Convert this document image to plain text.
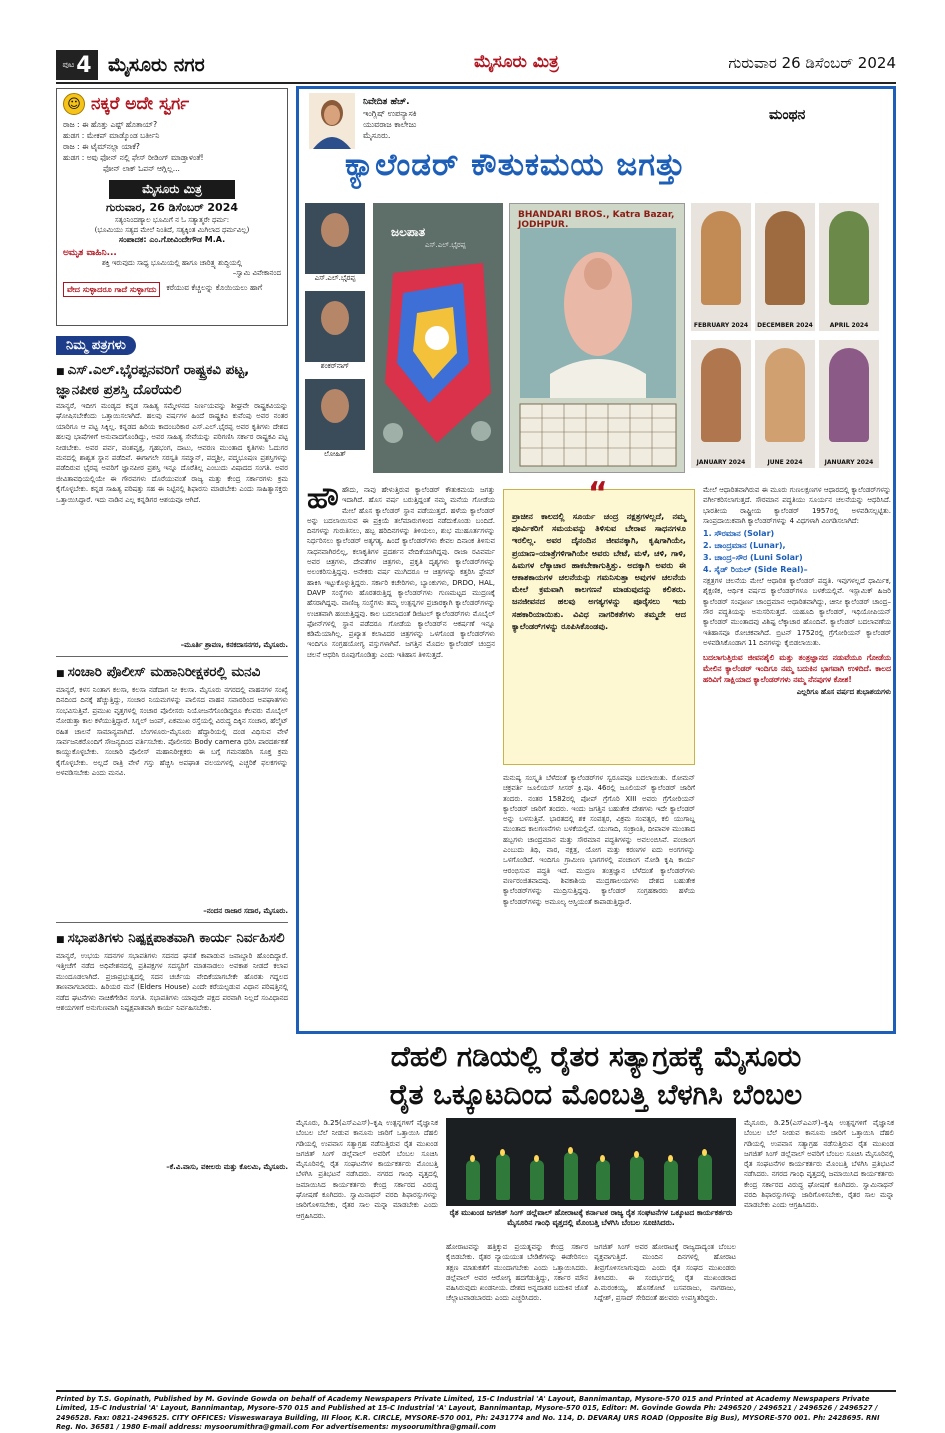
ಪುಟ 4 ಮೈಸೂರು ನಗರ	ಮೈಸೂರು ಮಿತ್ರ	ಗುರುವಾರ 26 ಡಿಸೆಂಬರ್ 2024
☺ ನಕ್ಕರೆ ಅದೇ ಸ್ವರ್ಗ
ರಾಜ : ಈ ಹೊತ್ತು ಎಷ್ಟ್ ಹೊತಾಯ್?
ಹುಡಗ : ಮೇಕಪ್ ಮಾಡ್ಕೊಂಡ ಬರ್ತೀನಿ
ರಾಜ : ಈ ಟೈಮ್‍ನಲ್ಲಾ ಯಾಕೆ?
ಹುಡಗ : ಅವು ಫೋನ್ ನಲ್ಲಿ ಫೇಸ್ ರೀಡಿಂಗ್ ಮಾಡ್ತಾಳಂತೆ!
ಫೋನ್ ಲಾಕ್ ಓಪನ್ ಆಗ್ಲಿಲ್ಲ...
ಮೈಸೂರು ಮಿತ್ರ
ಗುರುವಾರ, 26 ಡಿಸೆಂಬರ್ 2024
ಸತ್ಯಂನಿಂದಣ್ಯಾಲ ಭೂಮಿಗೆ ನ ಓ ಸತ್ಯಾತ್ಮರೇ ಧರ್ಮ:
(ಭೂಮಿಯು ಸತ್ಯದ ಮೇಲೆ ನಿಂತಿದೆ, ಸತ್ಯಕ್ಕಿಂತ ಮಿಗಿಲಾದ ಧರ್ಮವಿಲ್ಲ)
ಸಂಪಾದಕ: ಎಂ.ಗೋವಿಂದೇಗೌಡ M.A.
ಅಮೃತ ವಾಹಿನಿ...
ಶಕ್ತಿ ಇರುವುದು ಸಾಧ್ಯ ಭೂಮಿಯಲ್ಲಿ ಹಾಗೂ ಚಾರಿತ್ರ್ಯ ಶುದ್ಧಿಯಲ್ಲಿ
–ಸ್ವಾಮಿ ವಿವೇಕಾನಂದ
ವೇದ ಸುಳ್ಳಾದರೂ ಗಾದೆ ಸುಳ್ಳಾಗದು	ಕರೆಯುವ ಕೆಚ್ಚಲನ್ನು ಕೊಯಿಯಲು ಹಾಗೆ
ನಿಮ್ಮ ಪತ್ರಗಳು
■ ಎಸ್.ಎಲ್.ಭೈರಪ್ಪನವರಿಗೆ ರಾಷ್ಟ್ರಕವಿ ಪಟ್ಟ, ಜ್ಞಾನಪೀಠ ಪ್ರಶಸ್ತಿ ದೊರೆಯಲಿ

ಮಾನ್ಯರೆ, ಇದೀಗ ಮಂಡ್ಯದ ಕನ್ನಡ ಸಾಹಿತ್ಯ ಸಮ್ಮೇಳನದ ನಿರ್ಣಯವನ್ನು ಶೀಘ್ರವೇ ರಾಷ್ಟ್ರಕವಿಯನ್ನು ಘೋಷಿಸಬೇಕೆಂದು ಒತ್ತಾಯಿಸಲಾಗಿದೆ. ಹಲವು ವರ್ಷಗಳ ಹಿಂದೆ ರಾಷ್ಟ್ರಕವಿ ಕುವೆಂಪು ಅವರ ನಂತರ ಯಾರಿಗೂ ಆ ಪಟ್ಟ ಸಿಕ್ಕಿಲ್ಲ. ಕನ್ನಡದ ಹಿರಿಯ ಕಾದಂಬರಿಕಾರ ಎಸ್.ಎಲ್.ಭೈರಪ್ಪ ಅವರ ಕೃತಿಗಳು ದೇಶದ ಹಲವು ಭಾಷೆಗಳಿಗೆ ಅನುವಾದಗೊಂಡಿದ್ದು, ಅವರ ಸಾಹಿತ್ಯ ಸೇವೆಯನ್ನು ಪರಿಗಣಿಸಿ ಸರ್ಕಾರ ರಾಷ್ಟ್ರಕವಿ ಪಟ್ಟ ನೀಡಬೇಕು. ಅವರ ಪರ್ವ, ವಂಶವೃಕ್ಷ, ಗೃಹಭಂಗ, ದಾಟು, ಆವರಣ ಮುಂತಾದ ಕೃತಿಗಳು ಓದುಗರ ಮನದಲ್ಲಿ ಶಾಶ್ವತ ಸ್ಥಾನ ಪಡೆದಿವೆ. ಈಗಾಗಲೇ ಸರಸ್ವತಿ ಸಮ್ಮಾನ್, ಪದ್ಮಶ್ರೀ, ಪದ್ಮಭೂಷಣ ಪ್ರಶಸ್ತಿಗಳನ್ನು ಪಡೆದಿರುವ ಭೈರಪ್ಪ ಅವರಿಗೆ ಜ್ಞಾನಪೀಠ ಪ್ರಶಸ್ತಿ ಇನ್ನೂ ದೊರೆತಿಲ್ಲ ಎಂಬುದು ವಿಷಾದದ ಸಂಗತಿ. ಅವರ ಜೀವಿತಾವಧಿಯಲ್ಲಿಯೇ ಈ ಗೌರವಗಳು ದೊರೆಯುವಂತೆ ರಾಜ್ಯ ಮತ್ತು ಕೇಂದ್ರ ಸರ್ಕಾರಗಳು ಕ್ರಮ ಕೈಗೊಳ್ಳಬೇಕು. ಕನ್ನಡ ಸಾಹಿತ್ಯ ಪರಿಷತ್ತು ಸಹ ಈ ನಿಟ್ಟಿನಲ್ಲಿ ಶಿಫಾರಸು ಮಾಡಬೇಕು ಎಂದು ಸಾಹಿತ್ಯಾಸಕ್ತರು ಒತ್ತಾಯಿಸಿದ್ದಾರೆ. ಇದು ನಾಡಿನ ಎಲ್ಲ ಕನ್ನಡಿಗರ ಆಶಯವೂ ಆಗಿದೆ.

–ಮೂರ್ತಿ ಶ್ರಾವಣ, ಕನಕದಾಸನಗರ, ಮೈಸೂರು.
■ ಸಂಚಾರಿ ಪೊಲೀಸ್ ಮಹಾನಿರೀಕ್ಷಕರಲ್ಲಿ ಮನವಿ

ಮಾನ್ಯರೆ, ಕಳಸ ನಿಂತಾಗ ಕಲಸಾ, ಕಲಸಾ ನಡೆದಾಗ ನೀ ಕಲಸಾ. ಮೈಸೂರು ನಗರದಲ್ಲಿ ವಾಹನಗಳ ಸಂಖ್ಯೆ ದಿನದಿಂದ ದಿನಕ್ಕೆ ಹೆಚ್ಚುತ್ತಿದ್ದು, ಸಂಚಾರ ನಿಯಮಗಳನ್ನು ಪಾಲಿಸದ ವಾಹನ ಸವಾರರಿಂದ ಅಪಘಾತಗಳು ಸಂಭವಿಸುತ್ತಿವೆ. ಪ್ರಮುಖ ವೃತ್ತಗಳಲ್ಲಿ ಸಂಚಾರ ಪೊಲೀಸರು ನಿಯೋಜನೆಗೊಂಡಿದ್ದರೂ ಕೆಲವರು ಮೊಬೈಲ್ ನೋಡುತ್ತಾ ಕಾಲ ಕಳೆಯುತ್ತಿದ್ದಾರೆ. ಸಿಗ್ನಲ್ ಜಂಪ್, ಏಕಮುಖ ರಸ್ತೆಯಲ್ಲಿ ವಿರುದ್ಧ ದಿಕ್ಕಿನ ಸಂಚಾರ, ಹೆಲ್ಮೆಟ್ ರಹಿತ ಚಾಲನೆ ಸಾಮಾನ್ಯವಾಗಿದೆ. ಬೆಂಗಳೂರು-ಮೈಸೂರು ಹೆದ್ದಾರಿಯಲ್ಲಿ ದಂಡ ವಿಧಿಸುವ ವೇಳೆ ಸಾರ್ವಜನಿಕರೊಂದಿಗೆ ಸೌಜನ್ಯದಿಂದ ವರ್ತಿಸಬೇಕು. ಪೊಲೀಸರು Body camera ಧರಿಸಿ ಪಾರದರ್ಶಕತೆ ಕಾಯ್ದುಕೊಳ್ಳಬೇಕು. ಸಂಚಾರಿ ಪೊಲೀಸ್ ಮಹಾನಿರೀಕ್ಷಕರು ಈ ಬಗ್ಗೆ ಗಮನಹರಿಸಿ ಸೂಕ್ತ ಕ್ರಮ ಕೈಗೊಳ್ಳಬೇಕು. ಅಲ್ಲದೆ ರಾತ್ರಿ ವೇಳೆ ಗಸ್ತು ಹೆಚ್ಚಿಸಿ ಅಪಘಾತ ವಲಯಗಳಲ್ಲಿ ಎಚ್ಚರಿಕೆ ಫಲಕಗಳನ್ನು ಅಳವಡಿಸಬೇಕು ಎಂದು ಮನವಿ.

–ನಂದನ ರಾಜಾರ ಸದಾರ, ಮೈಸೂರು.
■ ಸಭಾಪತಿಗಳು ನಿಷ್ಪಕ್ಷಪಾತವಾಗಿ ಕಾರ್ಯ ನಿರ್ವಹಿಸಲಿ

ಮಾನ್ಯರೆ, ಉಭಯ ಸದನಗಳ ಸಭಾಪತಿಗಳು ಸದನದ ಘನತೆ ಕಾಪಾಡುವ ಜವಾಬ್ದಾರಿ ಹೊಂದಿದ್ದಾರೆ. ಇತ್ತೀಚೆಗೆ ನಡೆದ ಅಧಿವೇಶನದಲ್ಲಿ ಪ್ರತಿಪಕ್ಷಗಳ ಸದಸ್ಯರಿಗೆ ಮಾತನಾಡಲು ಅವಕಾಶ ನೀಡದೆ ಕಲಾಪ ಮುಂದೂಡಲಾಗಿದೆ. ಪ್ರಜಾಪ್ರಭುತ್ವದಲ್ಲಿ ಸದನ ಚರ್ಚೆಯ ವೇದಿಕೆಯಾಗಬೇಕೇ ಹೊರತು ಗದ್ದಲದ ತಾಣವಾಗಬಾರದು. ಹಿರಿಯರ ಮನೆ (Elders House) ಎಂದೇ ಕರೆಯಲ್ಪಡುವ ವಿಧಾನ ಪರಿಷತ್ತಿನಲ್ಲಿ ನಡೆದ ಘಟನೆಗಳು ನಾಚಿಕೆಗೇಡಿನ ಸಂಗತಿ. ಸಭಾಪತಿಗಳು ಯಾವುದೇ ಪಕ್ಷದ ಪರವಾಗಿ ನಿಲ್ಲದೆ ಸಂವಿಧಾನದ ಆಶಯಗಳಿಗೆ ಅನುಗುಣವಾಗಿ ನಿಷ್ಪಕ್ಷಪಾತವಾಗಿ ಕಾರ್ಯ ನಿರ್ವಹಿಸಬೇಕು.

–ಕೆ.ವಿ.ವಾಸು, ವಕೀಲರು ಮತ್ತು ಕೊಲಮಿ, ಮೈಸೂರು.
ನಿವೇದಿತ ಹೆಚ್.
ಇಂಗ್ಲಿಷ್ ಉಪನ್ಯಾಸಕಿ
ಯುವರಾಜ ಕಾಲೇಜು
ಮೈಸೂರು.
ಮಂಥನ
ಕ್ಯಾಲೆಂಡರ್ ಕೌತುಕಮಯ ಜಗತ್ತು
ಎಸ್.ಎಲ್.ಭೈರಪ್ಪ
ಶಂಕರ್‌ನಾಗ್
ಲೋಹಿತ್
ಜಲಪಾತ
ಎಸ್.ಎಲ್.ಭೈರಪ್ಪ
BHANDARI BROS., Katra Bazar, JODHPUR.
FEBRUARY 2024	DECEMBER 2024	APRIL 2024
JANUARY 2024	JUNE 2024	JANUARY 2024
ಹೌ ಹೌದು, ನಾವು ಹೇಳುತ್ತಿರುವ ಕ್ಯಾಲೆಂಡರ್ ಕೌತುಕಮಯ ಜಗತ್ತು ಇದಾಗಿದೆ. ಹೊಸ ವರ್ಷ ಬರುತ್ತಿದ್ದಂತೆ ನಮ್ಮ ಮನೆಯ ಗೋಡೆಯ ಮೇಲೆ ಹೊಸ ಕ್ಯಾಲೆಂಡರ್ ಸ್ಥಾನ ಪಡೆಯುತ್ತದೆ. ಹಳೆಯ ಕ್ಯಾಲೆಂಡರ್ ಅನ್ನು ಬದಲಾಯಿಸುವ ಈ ಪ್ರಕ್ರಿಯೆ ತಲೆಮಾರುಗಳಿಂದ ನಡೆದುಕೊಂಡು ಬಂದಿದೆ. ದಿನಗಳನ್ನು ಗುರುತಿಸಲು, ಹಬ್ಬ ಹರಿದಿನಗಳನ್ನು ತಿಳಿಯಲು, ಶುಭ ಮುಹೂರ್ತಗಳನ್ನು ನಿರ್ಧರಿಸಲು ಕ್ಯಾಲೆಂಡರ್ ಅತ್ಯಗತ್ಯ. ಹಿಂದೆ ಕ್ಯಾಲೆಂಡರ್‌ಗಳು ಕೇವಲ ದಿನಾಂಕ ತಿಳಿಸುವ ಸಾಧನವಾಗಿರಲಿಲ್ಲ, ಕಲಾಕೃತಿಗಳ ಪ್ರದರ್ಶನ ವೇದಿಕೆಯಾಗಿದ್ದವು. ರಾಜಾ ರವಿವರ್ಮ ಅವರ ಚಿತ್ರಗಳು, ದೇವತೆಗಳ ಚಿತ್ರಗಳು, ಪ್ರಕೃತಿ ದೃಶ್ಯಗಳು ಕ್ಯಾಲೆಂಡರ್‌ಗಳನ್ನು ಅಲಂಕರಿಸುತ್ತಿದ್ದವು. ಅನೇಕರು ವರ್ಷ ಮುಗಿದರೂ ಆ ಚಿತ್ರಗಳನ್ನು ಕತ್ತರಿಸಿ ಫ್ರೇಮ್ ಹಾಕಿಸಿ ಇಟ್ಟುಕೊಳ್ಳುತ್ತಿದ್ದರು. ಸರ್ಕಾರಿ ಕಚೇರಿಗಳು, ಬ್ಯಾಂಕುಗಳು, DRDO, HAL, DAVP ಸಂಸ್ಥೆಗಳು ಹೊರತರುತ್ತಿದ್ದ ಕ್ಯಾಲೆಂಡರ್‌ಗಳು ಗುಣಮಟ್ಟದ ಮುದ್ರಣಕ್ಕೆ ಹೆಸರಾಗಿದ್ದವು. ವಾಣಿಜ್ಯ ಸಂಸ್ಥೆಗಳು ತಮ್ಮ ಉತ್ಪನ್ನಗಳ ಪ್ರಚಾರಕ್ಕಾಗಿ ಕ್ಯಾಲೆಂಡರ್‌ಗಳನ್ನು ಉಚಿತವಾಗಿ ಹಂಚುತ್ತಿದ್ದವು. ಕಾಲ ಬದಲಾದಂತೆ ಡಿಜಿಟಲ್ ಕ್ಯಾಲೆಂಡರ್‌ಗಳು ಮೊಬೈಲ್ ಫೋನ್‌ಗಳಲ್ಲಿ ಸ್ಥಾನ ಪಡೆದರೂ ಗೋಡೆಯ ಕ್ಯಾಲೆಂಡರ್‌ನ ಆಕರ್ಷಣೆ ಇನ್ನೂ ಕಡಿಮೆಯಾಗಿಲ್ಲ. ಪ್ರಖ್ಯಾತ ಕಲಾವಿದರ ಚಿತ್ರಗಳನ್ನು ಒಳಗೊಂಡ ಕ್ಯಾಲೆಂಡರ್‌ಗಳು ಇಂದಿಗೂ ಸಂಗ್ರಹಯೋಗ್ಯ ವಸ್ತುಗಳಾಗಿವೆ. ಜಗತ್ತಿನ ಮೊದಲ ಕ್ಯಾಲೆಂಡರ್ ಚಂದ್ರನ ಚಲನೆ ಆಧರಿಸಿ ರೂಪುಗೊಂಡಿತ್ತು ಎಂದು ಇತಿಹಾಸ ತಿಳಿಸುತ್ತದೆ.

“

ಪ್ರಾಚೀನ ಕಾಲದಲ್ಲಿ ಸೂರ್ಯ ಚಂದ್ರ ನಕ್ಷತ್ರಗಳಲ್ಲದೆ, ನಮ್ಮ ಪೂರ್ವಿಕರಿಗೆ ಸಮಯವನ್ನು ತಿಳಿಸುವ ಬೇರಾವ ಸಾಧನಗಳೂ ಇರಲಿಲ್ಲ. ಅವರ ದೈನಂದಿನ ಜೀವನಕ್ಕಾಗಿ, ಕೃಷಿಗಾಗಿಯೇ, ಪ್ರಯಾಣ–ಯಾತ್ರೆಗಳಿಗಾಗಿಯೇ ಅವರು ಬೇಟೆ, ಮಳೆ, ಚಳಿ, ಗಾಳಿ, ಹಿಮಗಳ ಲೆಕ್ಕಾಚಾರ ಹಾಕಬೇಕಾಗುತ್ತಿತ್ತು. ಅದಕ್ಕಾಗಿ ಅವರು ಈ ಆಕಾಶಕಾಯಗಳ ಚಲನೆಯನ್ನು ಗಮನಿಸುತ್ತಾ ಅವುಗಳ ಚಲನೆಯ ಮೇಲೆ ಕ್ರಮವಾಗಿ ಕಾಲಗಣನೆ ಮಾಡುವುದನ್ನು ಕಲಿತರು. ಜನಜೀವನದ ಹಲವು ಅಗತ್ಯಗಳನ್ನು ಪೂರೈಸಲು ಇದು ಸಹಕಾರಿಯಾಯಿತು. ವಿವಿಧ ನಾಗರಿಕತೆಗಳು ತಮ್ಮದೇ ಆದ ಕ್ಯಾಲೆಂಡರ್‌ಗಳನ್ನು ರೂಪಿಸಿಕೊಂಡವು.

ಮನುಷ್ಯ ಸಂಸ್ಕೃತಿ ಬೆಳೆದಂತೆ ಕ್ಯಾಲೆಂಡರ್‌ಗಳ ಸ್ವರೂಪವೂ ಬದಲಾಯಿತು. ರೋಮನ್ ಚಕ್ರವರ್ತಿ ಜೂಲಿಯಸ್ ಸೀಸರ್ ಕ್ರಿ.ಪೂ. 46ರಲ್ಲಿ ಜೂಲಿಯನ್ ಕ್ಯಾಲೆಂಡರ್ ಜಾರಿಗೆ ತಂದರು. ನಂತರ 1582ರಲ್ಲಿ ಪೋಪ್ ಗ್ರೆಗೊರಿ XIII ಅವರು ಗ್ರೆಗೋರಿಯನ್ ಕ್ಯಾಲೆಂಡರ್ ಜಾರಿಗೆ ತಂದರು. ಇಂದು ಜಗತ್ತಿನ ಬಹುತೇಕ ದೇಶಗಳು ಇದೇ ಕ್ಯಾಲೆಂಡರ್ ಅನ್ನು ಬಳಸುತ್ತಿವೆ. ಭಾರತದಲ್ಲಿ ಶಕ ಸಂವತ್ಸರ, ವಿಕ್ರಮ ಸಂವತ್ಸರ, ಕಲಿ ಯುಗಾಬ್ದ ಮುಂತಾದ ಕಾಲಗಣನೆಗಳು ಬಳಕೆಯಲ್ಲಿವೆ. ಯುಗಾದಿ, ಸಂಕ್ರಾಂತಿ, ದೀಪಾವಳಿ ಮುಂತಾದ ಹಬ್ಬಗಳು ಚಾಂದ್ರಮಾನ ಮತ್ತು ಸೌರಮಾನ ಪದ್ಧತಿಗಳನ್ನು ಅವಲಂಬಿಸಿವೆ. ಪಂಚಾಂಗ ಎಂಬುದು ತಿಥಿ, ವಾರ, ನಕ್ಷತ್ರ, ಯೋಗ ಮತ್ತು ಕರಣಗಳ ಐದು ಅಂಗಗಳನ್ನು ಒಳಗೊಂಡಿದೆ. ಇಂದಿಗೂ ಗ್ರಾಮೀಣ ಭಾಗಗಳಲ್ಲಿ ಪಂಚಾಂಗ ನೋಡಿ ಕೃಷಿ ಕಾರ್ಯ ಆರಂಭಿಸುವ ಪದ್ಧತಿ ಇದೆ. ಮುದ್ರಣ ತಂತ್ರಜ್ಞಾನ ಬೆಳೆದಂತೆ ಕ್ಯಾಲೆಂಡರ್‌ಗಳು ವರ್ಣರಂಜಿತವಾದವು. ಶಿವಕಾಶಿಯ ಮುದ್ರಣಾಲಯಗಳು ದೇಶದ ಬಹುತೇಕ ಕ್ಯಾಲೆಂಡರ್‌ಗಳನ್ನು ಮುದ್ರಿಸುತ್ತಿದ್ದವು. ಕ್ಯಾಲೆಂಡರ್ ಸಂಗ್ರಹಕಾರರು ಹಳೆಯ ಕ್ಯಾಲೆಂಡರ್‌ಗಳನ್ನು ಅಮೂಲ್ಯ ಆಸ್ತಿಯಂತೆ ಕಾಪಾಡುತ್ತಿದ್ದಾರೆ.

ಮೇಲೆ ಆಧಾರಿತವಾಗಿರುವ ಈ ಮೂರು ಗುಣಲಕ್ಷಣಗಳ ಆಧಾರದಲ್ಲಿ ಕ್ಯಾಲೆಂಡರ್‌ಗಳನ್ನು ವರ್ಗೀಕರಿಸಲಾಗುತ್ತದೆ. ಸೌರಮಾನ ಪದ್ಧತಿಯು ಸೂರ್ಯನ ಚಲನೆಯನ್ನು ಆಧರಿಸಿದೆ. ಭಾರತೀಯ ರಾಷ್ಟ್ರೀಯ ಕ್ಯಾಲೆಂಡರ್ 1957ರಲ್ಲಿ ಅಳವಡಿಸಲ್ಪಟ್ಟಿತು. ಸಾಂಪ್ರದಾಯಿಕವಾಗಿ ಕ್ಯಾಲೆಂಡರ್‌ಗಳನ್ನು 4 ವಿಧಗಳಾಗಿ ವಿಂಗಡಿಸಲಾಗಿದೆ:

1. ಸೌರಮಾನ (Solar)
2. ಚಾಂದ್ರಮಾನ (Lunar),
3. ಚಾಂದ್ರ–ಸೌರ (Luni Solar)
4. ಸೈಡ್ ರಿಯಲ್ (Side Real)–

ನಕ್ಷತ್ರಗಳ ಚಲನೆಯ ಮೇಲೆ ಆಧಾರಿತ ಕ್ಯಾಲೆಂಡರ್ ಪದ್ಧತಿ. ಇವುಗಳಲ್ಲದೆ ಧಾರ್ಮಿಕ, ಶೈಕ್ಷಣಿಕ, ಆರ್ಥಿಕ ವರ್ಷದ ಕ್ಯಾಲೆಂಡರ್‌ಗಳೂ ಬಳಕೆಯಲ್ಲಿವೆ. ಇಸ್ಲಾಮಿಕ್ ಹಿಜರಿ ಕ್ಯಾಲೆಂಡರ್ ಸಂಪೂರ್ಣ ಚಾಂದ್ರಮಾನ ಆಧಾರಿತವಾಗಿದ್ದು, ಚೀನೀ ಕ್ಯಾಲೆಂಡರ್ ಚಾಂದ್ರ–ಸೌರ ಪದ್ಧತಿಯನ್ನು ಅನುಸರಿಸುತ್ತದೆ. ಯಹೂದಿ ಕ್ಯಾಲೆಂಡರ್, ಇಥಿಯೋಪಿಯನ್ ಕ್ಯಾಲೆಂಡರ್ ಮುಂತಾದವು ವಿಶಿಷ್ಟ ಲೆಕ್ಕಾಚಾರ ಹೊಂದಿವೆ. ಕ್ಯಾಲೆಂಡರ್ ಬದಲಾವಣೆಯ ಇತಿಹಾಸವೂ ರೋಚಕವಾಗಿದೆ. ಬ್ರಿಟನ್ 1752ರಲ್ಲಿ ಗ್ರೆಗೋರಿಯನ್ ಕ್ಯಾಲೆಂಡರ್ ಅಳವಡಿಸಿಕೊಂಡಾಗ 11 ದಿನಗಳನ್ನು ಕೈಬಿಡಲಾಯಿತು.

ಬದಲಾಗುತ್ತಿರುವ ಜೀವನಶೈಲಿ ಮತ್ತು ತಂತ್ರಜ್ಞಾನದ ನಡುವೆಯೂ ಗೋಡೆಯ ಮೇಲಿನ ಕ್ಯಾಲೆಂಡರ್ ಇಂದಿಗೂ ನಮ್ಮ ಬದುಕಿನ ಭಾಗವಾಗಿ ಉಳಿದಿದೆ. ಕಾಲದ ಹರಿವಿಗೆ ಸಾಕ್ಷಿಯಾದ ಕ್ಯಾಲೆಂಡರ್‌ಗಳು ನಮ್ಮ ನೆನಪುಗಳ ಕೋಶ!

ಎಲ್ಲರಿಗೂ ಹೊಸ ವರ್ಷದ ಶುಭಾಶಯಗಳು
ದೆಹಲಿ ಗಡಿಯಲ್ಲಿ ರೈತರ ಸತ್ಯಾಗ್ರಹಕ್ಕೆ ಮೈಸೂರು
ರೈತ ಒಕ್ಕೂಟದಿಂದ ಮೊಂಬತ್ತಿ ಬೆಳಗಿಸಿ ಬೆಂಬಲ

ಮೈಸೂರು, ಡಿ.25(ಎಸ್‌ಎಎಸ್)–ಕೃಷಿ ಉತ್ಪನ್ನಗಳಿಗೆ ವೈಜ್ಞಾನಿಕ ಬೆಂಬಲ ಬೆಲೆ ನೀಡುವ ಕಾನೂನು ಜಾರಿಗೆ ಒತ್ತಾಯಿಸಿ ದೆಹಲಿ ಗಡಿಯಲ್ಲಿ ಉಪವಾಸ ಸತ್ಯಾಗ್ರಹ ನಡೆಸುತ್ತಿರುವ ರೈತ ಮುಖಂಡ ಜಗಜಿತ್ ಸಿಂಗ್ ಡಲ್ಲೆವಾಲ್ ಅವರಿಗೆ ಬೆಂಬಲ ಸೂಚಿಸಿ ಮೈಸೂರಿನಲ್ಲಿ ರೈತ ಸಂಘಟನೆಗಳ ಕಾರ್ಯಕರ್ತರು ಮೊಂಬತ್ತಿ ಬೆಳಗಿಸಿ ಪ್ರತಿಭಟನೆ ನಡೆಸಿದರು. ನಗರದ ಗಾಂಧಿ ವೃತ್ತದಲ್ಲಿ ಜಮಾಯಿಸಿದ ಕಾರ್ಯಕರ್ತರು ಕೇಂದ್ರ ಸರ್ಕಾರದ ವಿರುದ್ಧ ಘೋಷಣೆ ಕೂಗಿದರು. ಸ್ವಾಮಿನಾಥನ್ ವರದಿ ಶಿಫಾರಸ್ಸುಗಳನ್ನು ಜಾರಿಗೊಳಿಸಬೇಕು, ರೈತರ ಸಾಲ ಮನ್ನಾ ಮಾಡಬೇಕು ಎಂದು ಆಗ್ರಹಿಸಿದರು.	ರೈತ ಮುಖಂಡ ಜಗಜಿತ್ ಸಿಂಗ್ ಡಲ್ಲೆವಾಲ್ ಹೋರಾಟಕ್ಕೆ ಕರ್ನಾಟಕ ರಾಜ್ಯ ರೈತ ಸಂಘಟನೆಗಳ ಒಕ್ಕೂಟದ ಕಾರ್ಯಕರ್ತರು ಮೈಸೂರಿನ ಗಾಂಧಿ ವೃತ್ತದಲ್ಲಿ ಮೊಂಬತ್ತಿ ಬೆಳಗಿಸಿ ಬೆಂಬಲ ಸೂಚಿಸಿದರು.

ಹೋರಾಟವನ್ನು ಹತ್ತಿಕ್ಕುವ ಪ್ರಯತ್ನವನ್ನು ಕೇಂದ್ರ ಸರ್ಕಾರ ಕೈಬಿಡಬೇಕು. ರೈತರ ನ್ಯಾಯಯುತ ಬೇಡಿಕೆಗಳನ್ನು ಈಡೇರಿಸಲು ತಕ್ಷಣ ಮಾತುಕತೆಗೆ ಮುಂದಾಗಬೇಕು ಎಂದು ಒತ್ತಾಯಿಸಿದರು. ಡಲ್ಲೆವಾಲ್ ಅವರ ಆರೋಗ್ಯ ಹದಗೆಡುತ್ತಿದ್ದು, ಸರ್ಕಾರ ಮೌನ ವಹಿಸಿರುವುದು ಖಂಡನೀಯ. ದೇಶದ ಅನ್ನದಾತರ ಬದುಕಿನ ಜೊತೆ ಚೆಲ್ಲಾಟವಾಡಬಾರದು ಎಂದು ಎಚ್ಚರಿಸಿದರು.

ಜಗಜಿತ್ ಸಿಂಗ್ ಅವರ ಹೋರಾಟಕ್ಕೆ ರಾಜ್ಯದಾದ್ಯಂತ ಬೆಂಬಲ ವ್ಯಕ್ತವಾಗುತ್ತಿದೆ. ಮುಂದಿನ ದಿನಗಳಲ್ಲಿ ಹೋರಾಟ ತೀವ್ರಗೊಳಿಸಲಾಗುವುದು ಎಂದು ರೈತ ಸಂಘದ ಮುಖಂಡರು ತಿಳಿಸಿದರು. ಈ ಸಂದರ್ಭದಲ್ಲಿ ರೈತ ಮುಖಂಡರಾದ ಪಿ.ಮರಂಕಯ್ಯ, ಹೊಸಕೋಟೆ ಬಸವರಾಜು, ನಾಗರಾಜು, ಸಿದ್ದೇಶ್, ಪ್ರಸಾದ್ ಸೇರಿದಂತೆ ಹಲವರು ಉಪಸ್ಥಿತರಿದ್ದರು.

ಮೈಸೂರು, ಡಿ.25(ಎಸ್‌ಎಎಸ್)–ಕೃಷಿ ಉತ್ಪನ್ನಗಳಿಗೆ ವೈಜ್ಞಾನಿಕ ಬೆಂಬಲ ಬೆಲೆ ನೀಡುವ ಕಾನೂನು ಜಾರಿಗೆ ಒತ್ತಾಯಿಸಿ ದೆಹಲಿ ಗಡಿಯಲ್ಲಿ ಉಪವಾಸ ಸತ್ಯಾಗ್ರಹ ನಡೆಸುತ್ತಿರುವ ರೈತ ಮುಖಂಡ ಜಗಜಿತ್ ಸಿಂಗ್ ಡಲ್ಲೆವಾಲ್ ಅವರಿಗೆ ಬೆಂಬಲ ಸೂಚಿಸಿ ಮೈಸೂರಿನಲ್ಲಿ ರೈತ ಸಂಘಟನೆಗಳ ಕಾರ್ಯಕರ್ತರು ಮೊಂಬತ್ತಿ ಬೆಳಗಿಸಿ ಪ್ರತಿಭಟನೆ ನಡೆಸಿದರು. ನಗರದ ಗಾಂಧಿ ವೃತ್ತದಲ್ಲಿ ಜಮಾಯಿಸಿದ ಕಾರ್ಯಕರ್ತರು ಕೇಂದ್ರ ಸರ್ಕಾರದ ವಿರುದ್ಧ ಘೋಷಣೆ ಕೂಗಿದರು. ಸ್ವಾಮಿನಾಥನ್ ವರದಿ ಶಿಫಾರಸ್ಸುಗಳನ್ನು ಜಾರಿಗೊಳಿಸಬೇಕು, ರೈತರ ಸಾಲ ಮನ್ನಾ ಮಾಡಬೇಕು ಎಂದು ಆಗ್ರಹಿಸಿದರು.

Printed by T.S. Gopinath, Published by M. Govinde Gowda on behalf of Academy Newspapers Private Limited, 15-C Industrial 'A' Layout, Bannimantap, Mysore-570 015 and Printed at Academy Newspapers Private Limited, 15-C Industrial 'A' Layout, Bannimantap, Mysore-570 015 and Published at 15-C Industrial 'A' Layout, Bannimantap, Mysore-570 015, Editor: M. Govinde Gowda Ph: 2496520 / 2496521 / 2496526 / 2496527 / 2496528. Fax: 0821-2496525. CITY OFFICES: Visweswaraya Building, III Floor, K.R. CIRCLE, MYSORE-570 001, Ph: 2431774 and No. 114, D. DEVARAJ URS ROAD (Opposite Big Bus), MYSORE-570 001. Ph: 2428695. RNI Reg. No. 36581 / 1980 E-mail address: mysoorumithra@gmail.com For advertisements: mysoorumithra@gmail.com
